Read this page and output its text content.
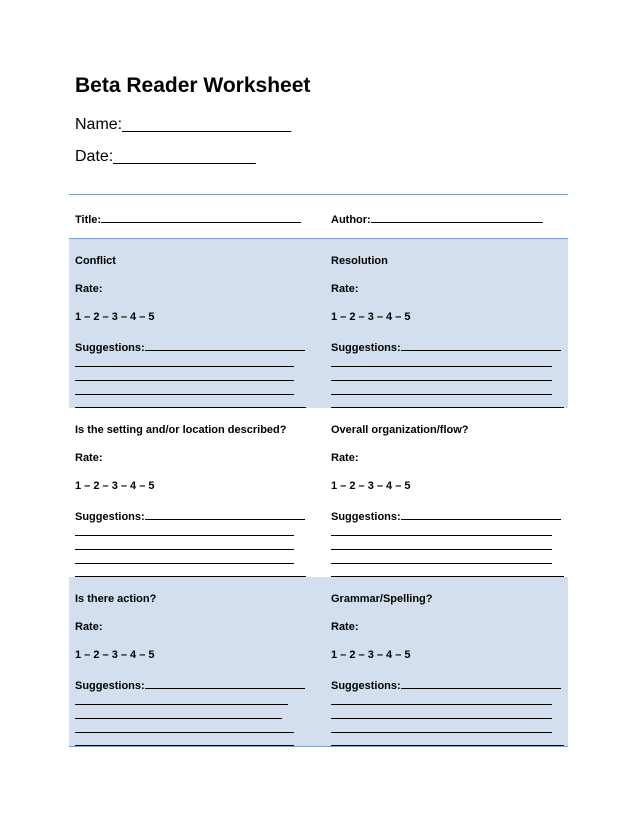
Beta Reader Worksheet
Name:___________________
Date:________________
Title:	Author:
Conflict
Rate:
1 – 2 – 3 – 4 – 5
Suggestions:
Resolution
Rate:
1 – 2 – 3 – 4 – 5
Suggestions:
Is the setting and/or location described?
Rate:
1 – 2 – 3 – 4 – 5
Suggestions:
Overall organization/flow?
Rate:
1 – 2 – 3 – 4 – 5
Suggestions:
Is there action?
Rate:
1 – 2 – 3 – 4 – 5
Suggestions:
Grammar/Spelling?
Rate:
1 – 2 – 3 – 4 – 5
Suggestions:
